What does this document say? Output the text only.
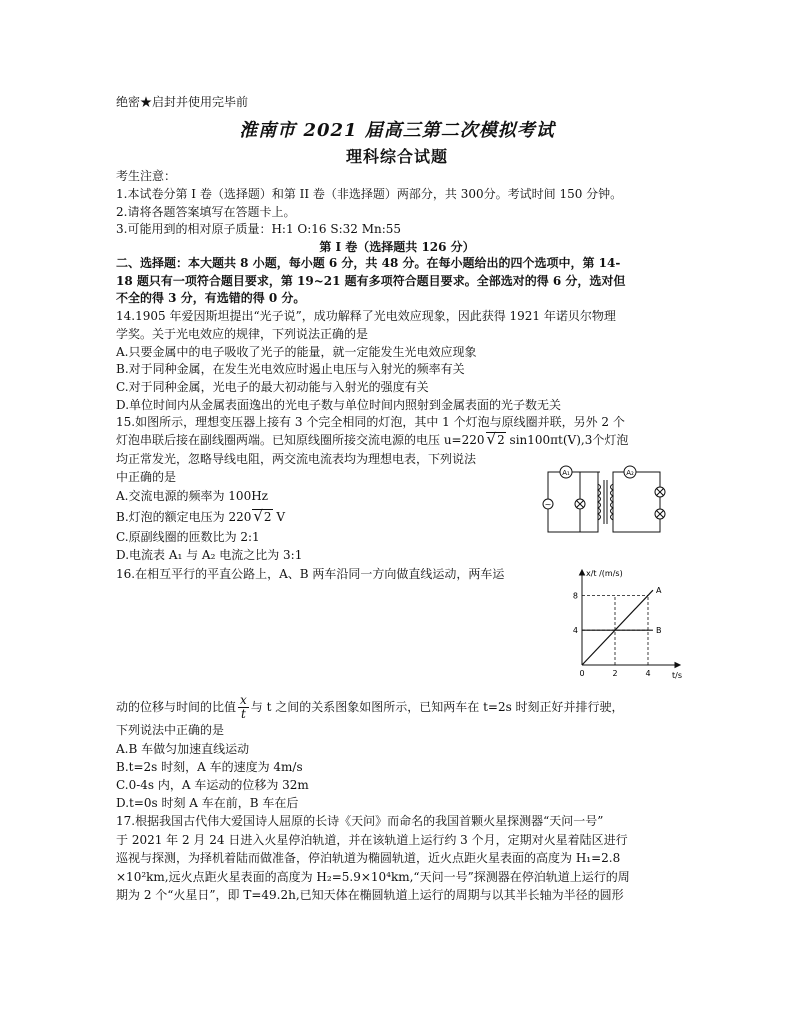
绝密★启封并使用完毕前
淮南市 2021 届高三第二次模拟考试
理科综合试题
考生注意：
1.本试卷分第 I 卷（选择题）和第 II 卷（非选择题）两部分，共 300分。考试时间 150 分钟。
2.请将各题答案填写在答题卡上。
3.可能用到的相对原子质量：H:1 O:16 S:32 Mn:55
第 I 卷（选择题共 126 分）
二、选择题：本大题共 8 小题，每小题 6 分，共 48 分。在每小题给出的四个选项中，第 14-
18 题只有一项符合题目要求，第 19~21 题有多项符合题目要求。全部选对的得 6 分，选对但
不全的得 3 分，有选错的得 0 分。
14.1905 年爱因斯坦提出“光子说”，成功解释了光电效应现象，因此获得 1921 年诺贝尔物理
学奖。关于光电效应的规律，下列说法正确的是
A.只要金属中的电子吸收了光子的能量，就一定能发生光电效应现象
B.对于同种金属，在发生光电效应时遏止电压与入射光的频率有关
C.对于同种金属，光电子的最大初动能与入射光的强度有关
D.单位时间内从金属表面逸出的光电子数与单位时间内照射到金属表面的光子数无关
15.如图所示，理想变压器上接有 3 个完全相同的灯泡，其中 1 个灯泡与原线圈并联，另外 2 个
灯泡串联后接在副线圈两端。已知原线圈所接交流电源的电压 u=220 √2 sin100πt(V),3个灯泡
均正常发光，忽略导线电阻，两交流电流表均为理想电表，下列说法
中正确的是
A.交流电源的频率为 100Hz
B.灯泡的额定电压为 220 √2 V
C.原副线圈的匝数比为 2:1
D.电流表 A₁ 与 A₂ 电流之比为 3:1
A₁	A₂
~
16.在相互平行的平直公路上，A、B 两车沿同一方向做直线运动，两车运
0	2	4
4
8
A
B
x/t /(m/s)
t/s
动的位移与时间的比值 $\frac{x}{t}$ 与 t 之间的关系图象如图所示，已知两车在 t=2s 时刻正好并排行驶，
下列说法中正确的是
A.B 车做匀加速直线运动
B.t=2s 时刻，A 车的速度为 4m/s
C.0-4s 内，A 车运动的位移为 32m
D.t=0s 时刻 A 车在前，B 车在后
17.根据我国古代伟大爱国诗人屈原的长诗《天问》而命名的我国首颗火星探测器“天问一号”
于 2021 年 2 月 24 日进入火星停泊轨道，并在该轨道上运行约 3 个月，定期对火星着陆区进行
巡视与探测，为择机着陆而做准备，停泊轨道为椭圆轨道，近火点距火星表面的高度为 H₁=2.8
×10²km,远火点距火星表面的高度为 H₂=5.9×10⁴km,“天问一号”探测器在停泊轨道上运行的周
期为 2 个“火星日”，即 T=49.2h,已知天体在椭圆轨道上运行的周期与以其半长轴为半径的圆形
